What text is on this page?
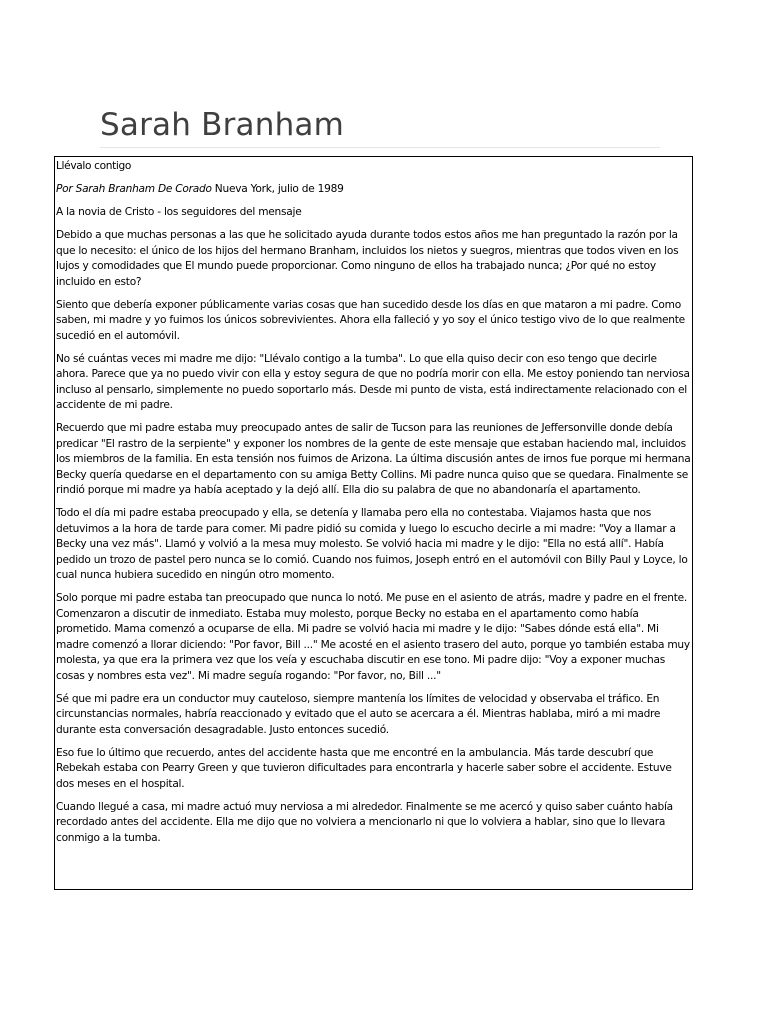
Sarah Branham

Llévalo contigo

Por Sarah Branham De Corado Nueva York, julio de 1989

A la novia de Cristo - los seguidores del mensaje

Debido a que muchas personas a las que he solicitado ayuda durante todos estos años me han preguntado la razón por la que lo necesito: el único de los hijos del hermano Branham, incluidos los nietos y suegros, mientras que todos viven en los lujos y comodidades que El mundo puede proporcionar. Como ninguno de ellos ha trabajado nunca; ¿Por qué no estoy incluido en esto?

Siento que debería exponer públicamente varias cosas que han sucedido desde los días en que mataron a mi padre. Como saben, mi madre y yo fuimos los únicos sobrevivientes. Ahora ella falleció y yo soy el único testigo vivo de lo que realmente sucedió en el automóvil.

No sé cuántas veces mi madre me dijo: "Llévalo contigo a la tumba". Lo que ella quiso decir con eso tengo que decirle ahora. Parece que ya no puedo vivir con ella y estoy segura de que no podría morir con ella. Me estoy poniendo tan nerviosa incluso al pensarlo, simplemente no puedo soportarlo más. Desde mi punto de vista, está indirectamente relacionado con el accidente de mi padre.

Recuerdo que mi padre estaba muy preocupado antes de salir de Tucson para las reuniones de Jeffersonville donde debía predicar "El rastro de la serpiente" y exponer los nombres de la gente de este mensaje que estaban haciendo mal, incluidos los miembros de la familia. En esta tensión nos fuimos de Arizona. La última discusión antes de irnos fue porque mi hermana Becky quería quedarse en el departamento con su amiga Betty Collins. Mi padre nunca quiso que se quedara. Finalmente se rindió porque mi madre ya había aceptado y la dejó allí. Ella dio su palabra de que no abandonaría el apartamento.

Todo el día mi padre estaba preocupado y ella, se detenía y llamaba pero ella no contestaba. Viajamos hasta que nos detuvimos a la hora de tarde para comer. Mi padre pidió su comida y luego lo escucho decirle a mi madre: "Voy a llamar a Becky una vez más". Llamó y volvió a la mesa muy molesto. Se volvió hacia mi madre y le dijo: "Ella no está allí". Había pedido un trozo de pastel pero nunca se lo comió. Cuando nos fuimos, Joseph entró en el automóvil con Billy Paul y Loyce, lo cual nunca hubiera sucedido en ningún otro momento.

Solo porque mi padre estaba tan preocupado que nunca lo notó. Me puse en el asiento de atrás, madre y padre en el frente. Comenzaron a discutir de inmediato. Estaba muy molesto, porque Becky no estaba en el apartamento como había prometido. Mama comenzó a ocuparse de ella. Mi padre se volvió hacia mi madre y le dijo: "Sabes dónde está ella". Mi madre comenzó a llorar diciendo: "Por favor, Bill ..." Me acosté en el asiento trasero del auto, porque yo también estaba muy molesta, ya que era la primera vez que los veía y escuchaba discutir en ese tono. Mi padre dijo: "Voy a exponer muchas cosas y nombres esta vez". Mi madre seguía rogando: "Por favor, no, Bill ..."

Sé que mi padre era un conductor muy cauteloso, siempre mantenía los límites de velocidad y observaba el tráfico. En circunstancias normales, habría reaccionado y evitado que el auto se acercara a él. Mientras hablaba, miró a mi madre durante esta conversación desagradable. Justo entonces sucedió.

Eso fue lo último que recuerdo, antes del accidente hasta que me encontré en la ambulancia. Más tarde descubrí que Rebekah estaba con Pearry Green y que tuvieron dificultades para encontrarla y hacerle saber sobre el accidente. Estuve dos meses en el hospital.

Cuando llegué a casa, mi madre actuó muy nerviosa a mi alrededor. Finalmente se me acercó y quiso saber cuánto había recordado antes del accidente. Ella me dijo que no volviera a mencionarlo ni que lo volviera a hablar, sino que lo llevara conmigo a la tumba.
